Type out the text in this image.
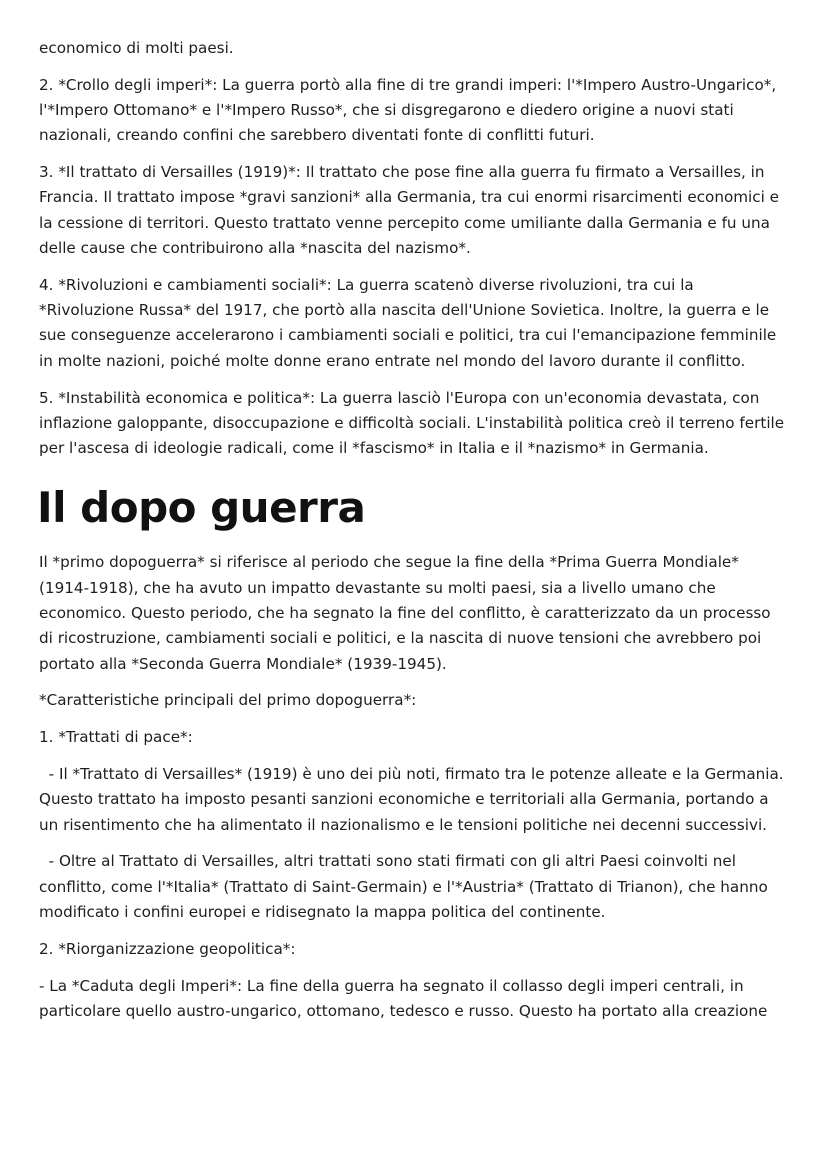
economico di molti paesi.

2. *Crollo degli imperi*: La guerra portò alla fine di tre grandi imperi: l'*Impero Austro-Ungarico*, l'*Impero Ottomano* e l'*Impero Russo*, che si disgregarono e diedero origine a nuovi stati nazionali, creando confini che sarebbero diventati fonte di conflitti futuri.

3. *Il trattato di Versailles (1919)*: Il trattato che pose fine alla guerra fu firmato a Versailles, in Francia. Il trattato impose *gravi sanzioni* alla Germania, tra cui enormi risarcimenti economici e la cessione di territori. Questo trattato venne percepito come umiliante dalla Germania e fu una delle cause che contribuirono alla *nascita del nazismo*.

4. *Rivoluzioni e cambiamenti sociali*: La guerra scatenò diverse rivoluzioni, tra cui la *Rivoluzione Russa* del 1917, che portò alla nascita dell'Unione Sovietica. Inoltre, la guerra e le sue conseguenze accelerarono i cambiamenti sociali e politici, tra cui l'emancipazione femminile in molte nazioni, poiché molte donne erano entrate nel mondo del lavoro durante il conflitto.

5. *Instabilità economica e politica*: La guerra lasciò l'Europa con un'economia devastata, con inflazione galoppante, disoccupazione e difficoltà sociali. L'instabilità politica creò il terreno fertile per l'ascesa di ideologie radicali, come il *fascismo* in Italia e il *nazismo* in Germania.

Il dopo guerra

Il *primo dopoguerra* si riferisce al periodo che segue la fine della *Prima Guerra Mondiale* (1914-1918), che ha avuto un impatto devastante su molti paesi, sia a livello umano che economico. Questo periodo, che ha segnato la fine del conflitto, è caratterizzato da un processo di ricostruzione, cambiamenti sociali e politici, e la nascita di nuove tensioni che avrebbero poi portato alla *Seconda Guerra Mondiale* (1939-1945).

*Caratteristiche principali del primo dopoguerra*:

1. *Trattati di pace*:

- Il *Trattato di Versailles* (1919) è uno dei più noti, firmato tra le potenze alleate e la Germania. Questo trattato ha imposto pesanti sanzioni economiche e territoriali alla Germania, portando a un risentimento che ha alimentato il nazionalismo e le tensioni politiche nei decenni successivi.

- Oltre al Trattato di Versailles, altri trattati sono stati firmati con gli altri Paesi coinvolti nel conflitto, come l'*Italia* (Trattato di Saint-Germain) e l'*Austria* (Trattato di Trianon), che hanno modificato i confini europei e ridisegnato la mappa politica del continente.

2. *Riorganizzazione geopolitica*:

- La *Caduta degli Imperi*: La fine della guerra ha segnato il collasso degli imperi centrali, in particolare quello austro-ungarico, ottomano, tedesco e russo. Questo ha portato alla creazione
